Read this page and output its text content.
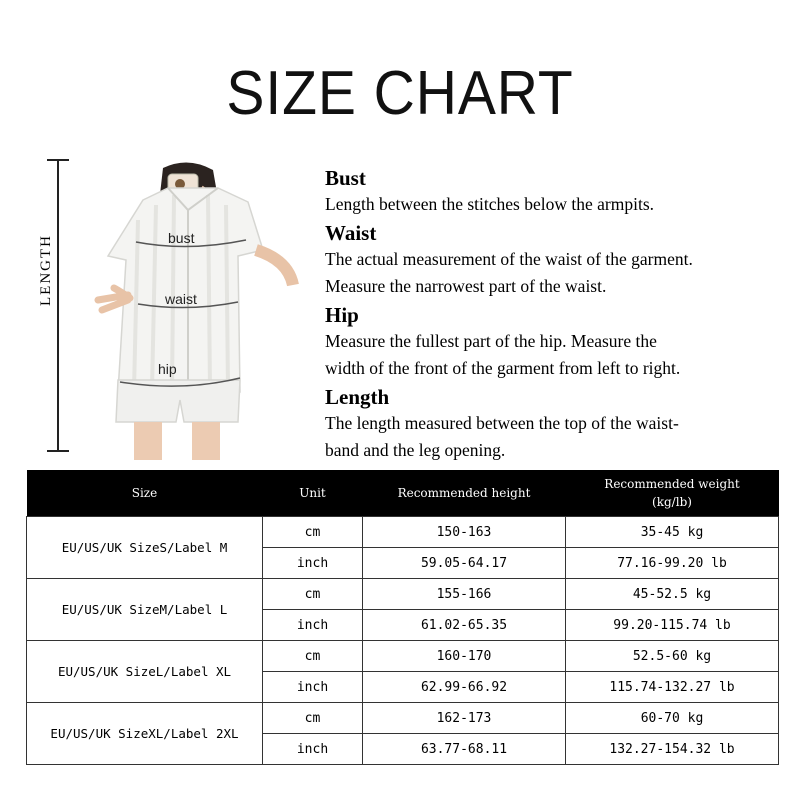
SIZE CHART
LENGTH	bust
waist
hip
Bust

Length between the stitches below the armpits.

Waist

The actual measurement of the waist of the garment.
Measure the narrowest part of the waist.

Hip

Measure the fullest part of the hip. Measure the
width of the front of the garment from left to right.

Length

The length measured between the top of the waist-
band and the leg opening.

Size	Unit	Recommended height	Recommended weight
(kg/lb)
EU/US/UK SizeS/Label M	cm	150-163	35-45 kg
	inch	59.05-64.17	77.16-99.20 lb
EU/US/UK SizeM/Label L	cm	155-166	45-52.5 kg
	inch	61.02-65.35	99.20-115.74 lb
EU/US/UK SizeL/Label XL	cm	160-170	52.5-60 kg
	inch	62.99-66.92	115.74-132.27 lb
EU/US/UK SizeXL/Label 2XL	cm	162-173	60-70 kg
	inch	63.77-68.11	132.27-154.32 lb
